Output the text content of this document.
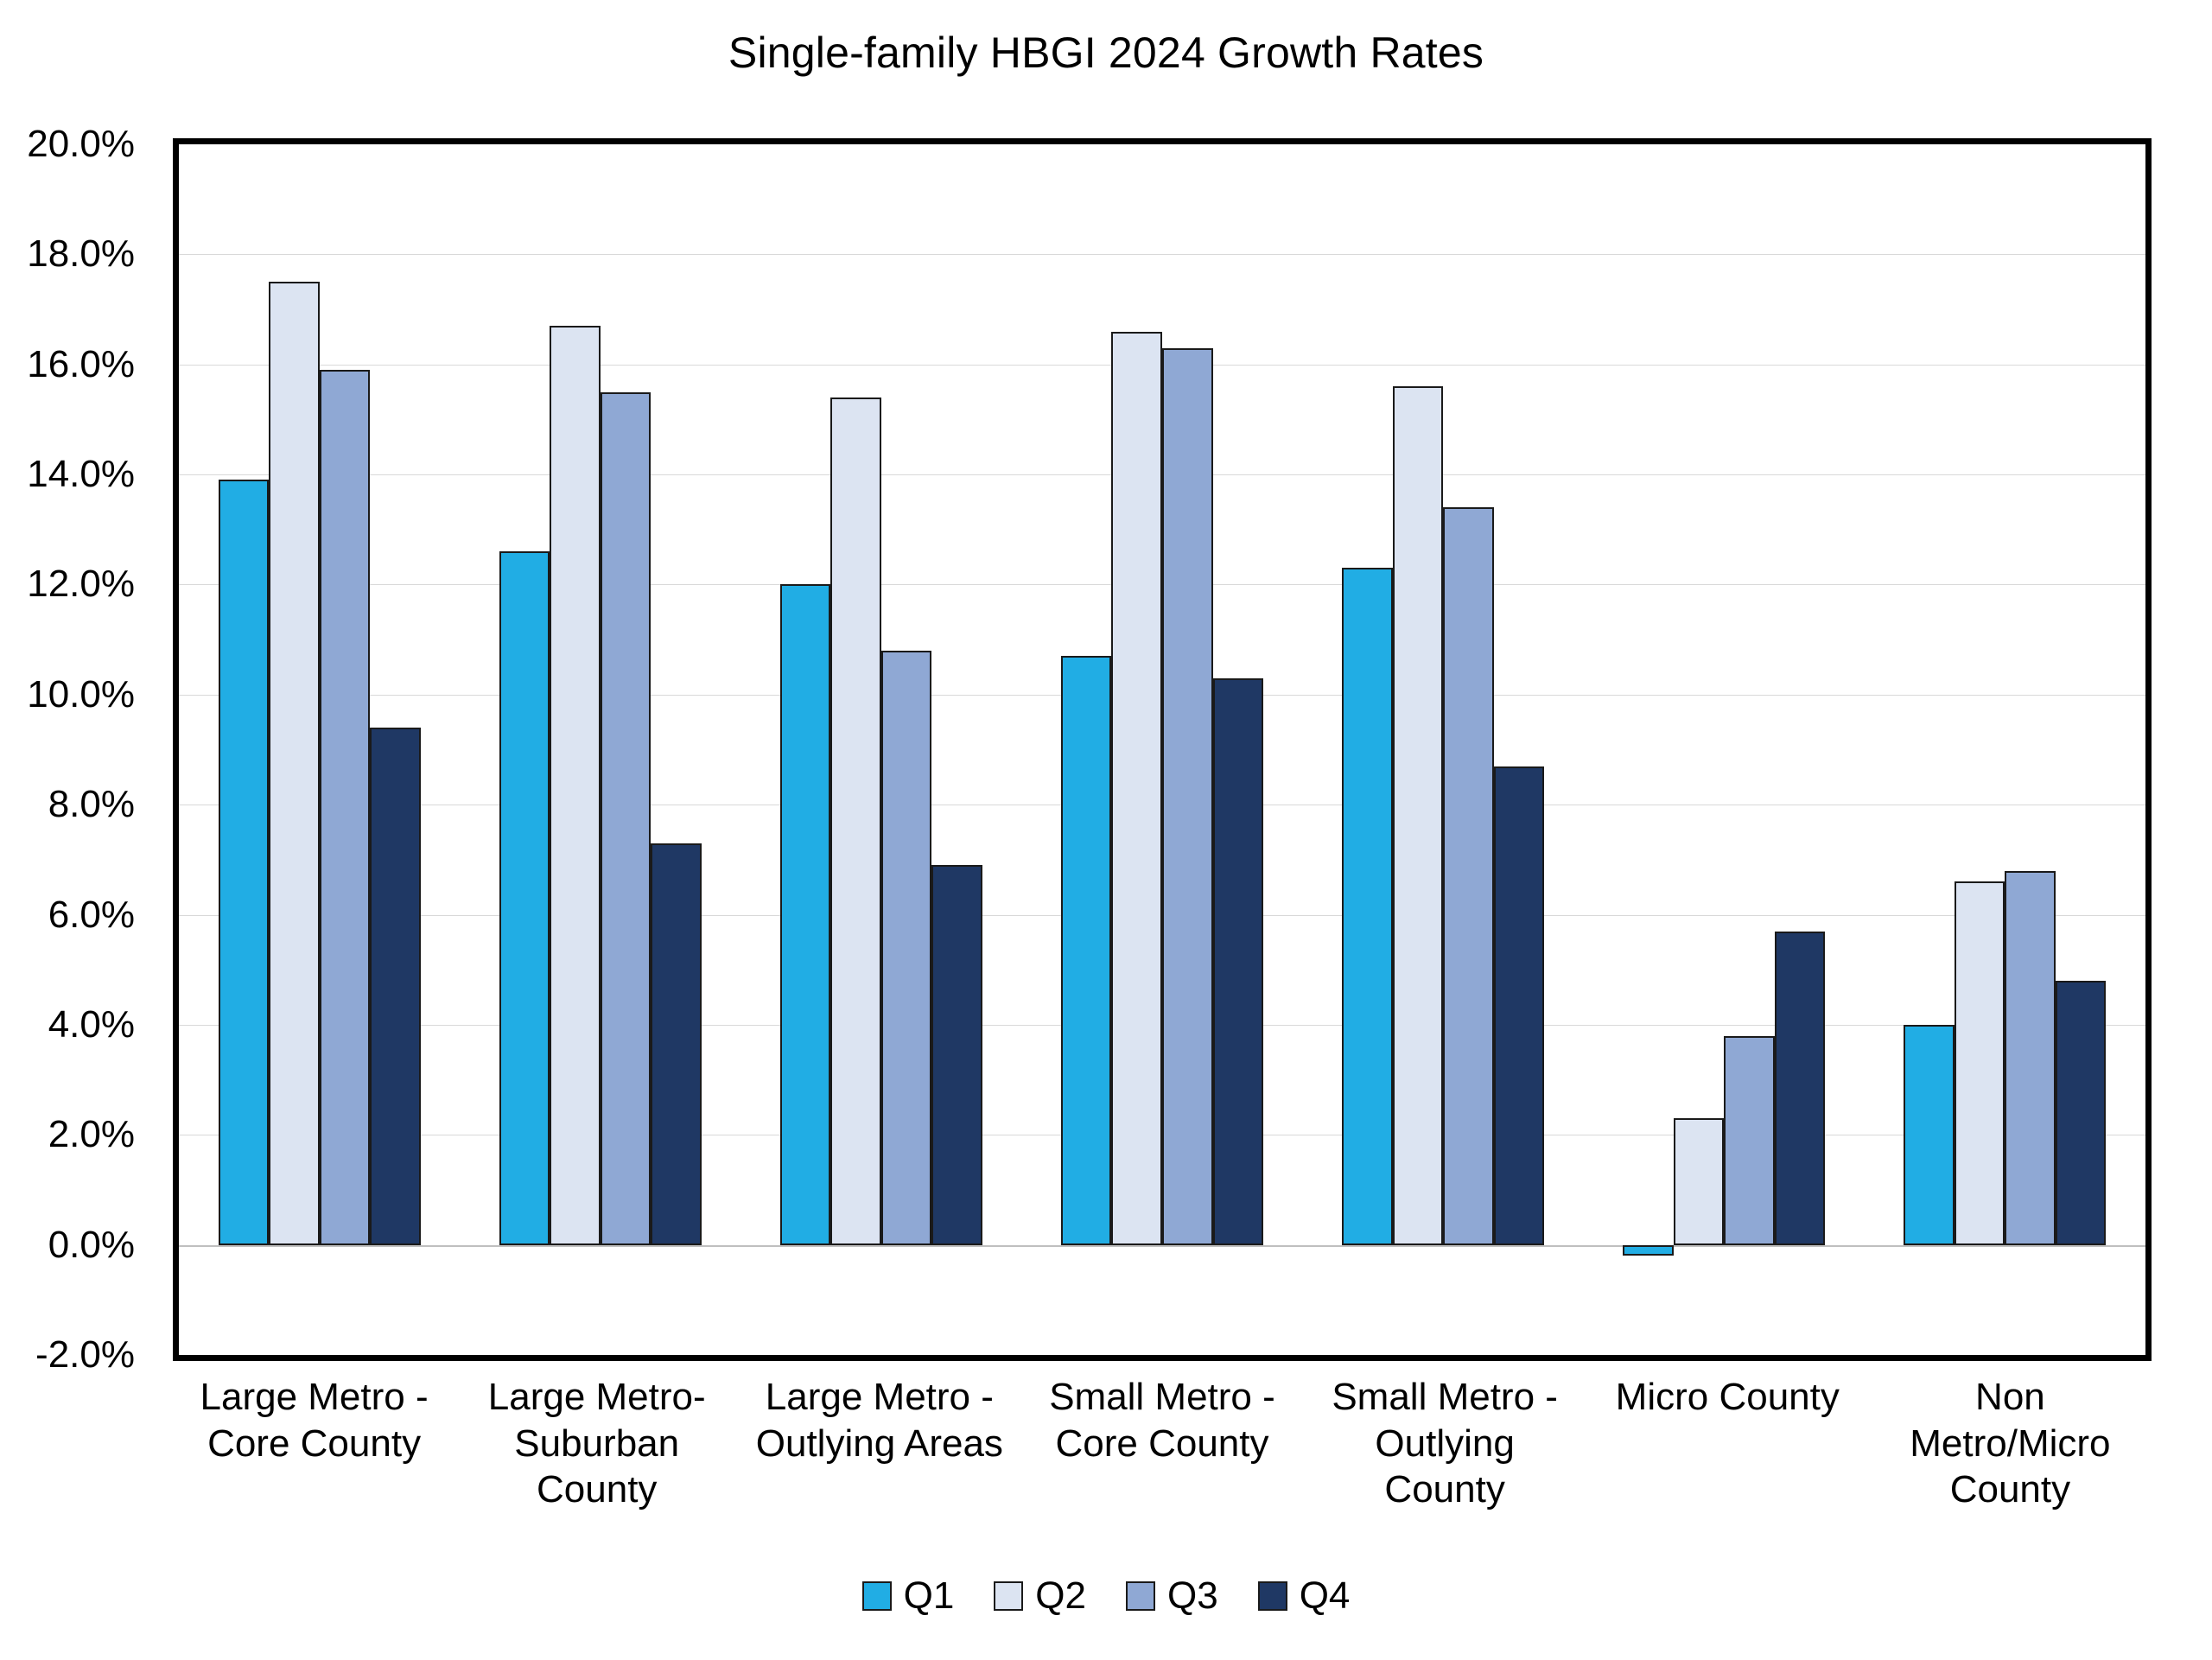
Single-family HBGI 2024 Growth Rates
20.0%
18.0%
16.0%
14.0%
12.0%
10.0%
8.0%
6.0%
4.0%
2.0%
0.0%
-2.0%
Large Metro - Core County
Large Metro- Suburban County
Large Metro - Outlying Areas
Small Metro - Core County
Small Metro - Outlying County
Micro County	Non Metro/Micro County
Q1 Q2 Q3 Q4
